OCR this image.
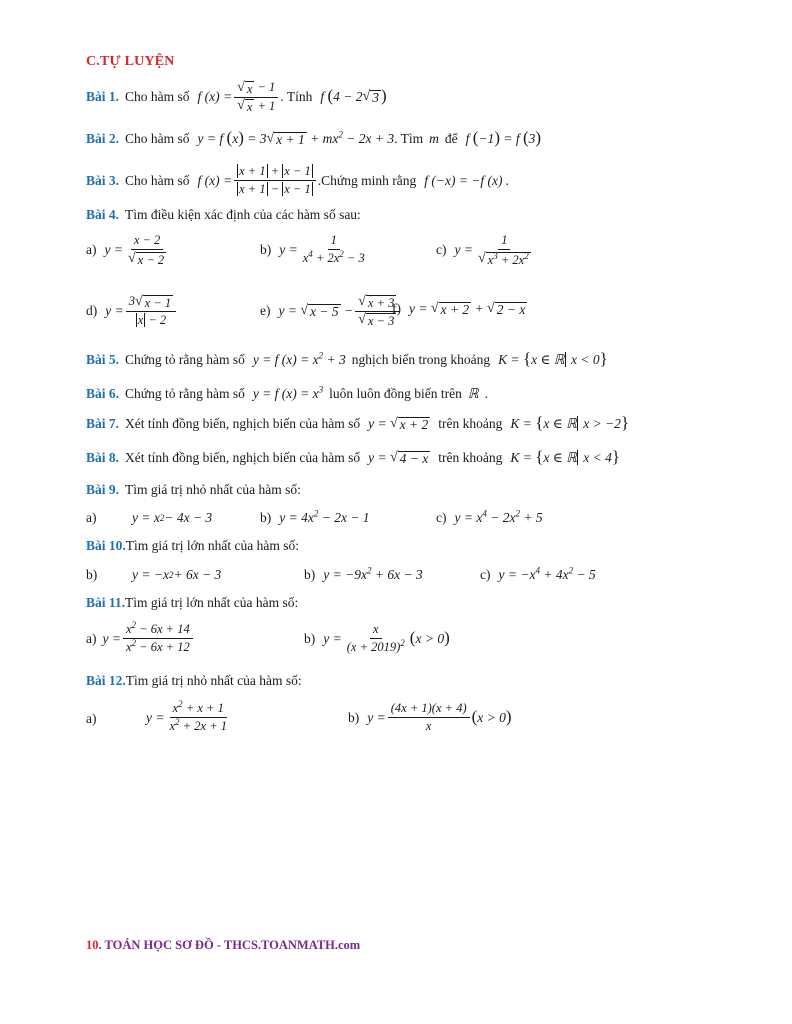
C.TỰ LUYỆN
Bài 1. Cho hàm số f $(x) = \frac{√ x - 1}{√ x + 1}$ . Tính f (4 − 2 √ 3 )
Bài 2. Cho hàm số y = f (x) = 3 √ $x + 1 + mx^2 - 2x + 3$ . Tìm m để f (−1) = f (3)
Bài 3. Cho hàm số f $(x) = \frac{x + 1 + x - 1}{x + 1 - x - 1}$ .Chứng minh rằng f (−x) = −f (x) .
Bài 4. Tìm điều kiện xác định của các hàm số sau:
a) $y = \frac{x - 2}{√ x - 2}$	b) $y = \frac{1}{x^4 + 2x^2 - 3}$	c) $y = \frac{1}{√ x^3 + 2x^2}$
d) $y = \frac{3 √ x - 1}{x - 2}$	e) y = √ $x - 5 - \frac{√ x + 3}{√ x - 3}$
f) y = √ x + 2 + √ 2 − x
Bài 5. Chứng tỏ rằng hàm số y = f $(x) = x^2 + 3$ nghịch biến trong khoảng K = {x ∈ ℝ x < 0}
Bài 6. Chứng tỏ rằng hàm số y = f $(x) = x^3$ luôn luôn đồng biến trên ℝ .
Bài 7. Xét tính đồng biến, nghịch biến của hàm số y = √ x + 2 trên khoảng K = {x ∈ ℝ x > −2}
Bài 8. Xét tính đồng biến, nghịch biến của hàm số y = √ 4 − x trên khoảng K = {x ∈ ℝ x < 4}
Bài 9. Tìm giá trị nhỏ nhất của hàm số:
a)	y = x 2 − 4x − 3	b) $y = 4x^2 - 2x - 1$	c) $y = x^4 - 2x^2 + 5$
Bài 10. Tìm giá trị lớn nhất của hàm số:
b)	y = −x 2 + 6x − 3	b) $y = -9x^2 + 6x - 3$	c) $y = -x^4 + 4x^2 - 5$
Bài 11. Tìm giá trị lớn nhất của hàm số:
a) $y = \frac{x^2 - 6x + 14}{x^2 - 6x + 12}$	b) $y = \frac{x}{(x + 2019)^2} (x > 0)$
Bài 12. Tìm giá trị nhỏ nhất của hàm số:
a)	$y = \frac{x^2 + x + 1}{x^2 + 2x + 1}$	b) $y = \frac{(4x + 1)(x + 4)}{x} (x > 0)$
10. TOÁN HỌC SƠ ĐỒ - THCS.TOANMATH.com
